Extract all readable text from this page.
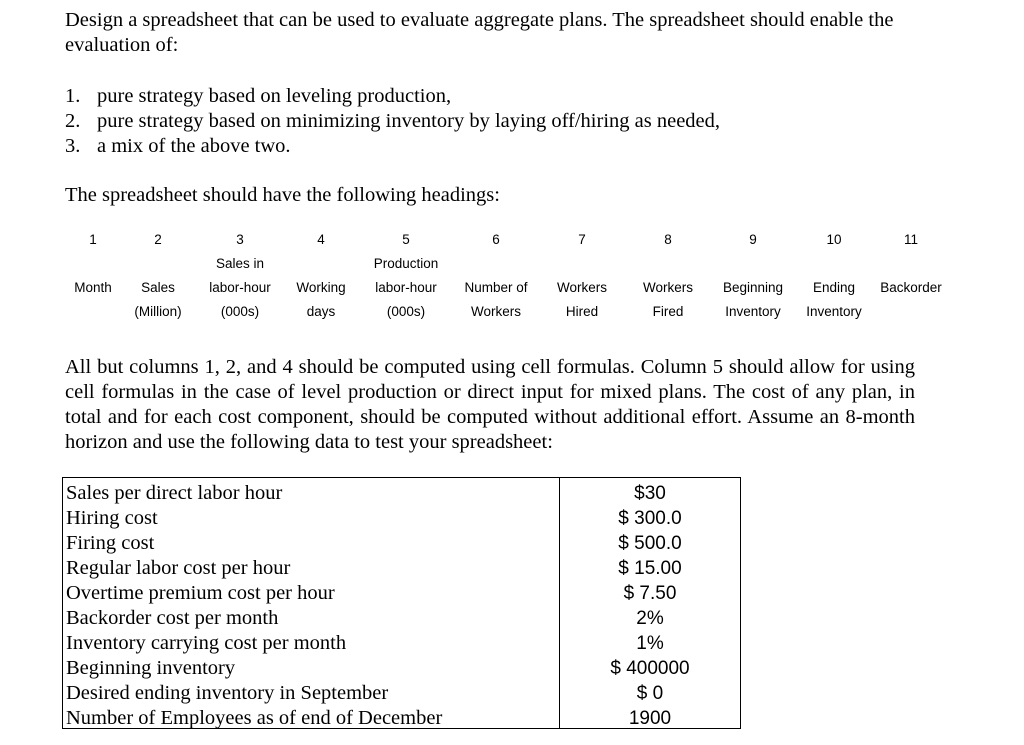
Design a spreadsheet that can be used to evaluate aggregate plans. The spreadsheet should enable the evaluation of:

1. pure strategy based on leveling production,
2. pure strategy based on minimizing inventory by laying off/hiring as needed,
3. a mix of the above two.

The spreadsheet should have the following headings:

1
Month
2
Sales
(Million)
3
Sales in
labor-hour
(000s)
4
Working
days
5
Production
labor-hour
(000s)
6
Number of
Workers
7
Workers
Hired
8
Workers
Fired
9
Beginning
Inventory
10
Ending
Inventory
11
Backorder

All but columns 1, 2, and 4 should be computed using cell formulas. Column 5 should allow for using cell formulas in the case of level production or direct input for mixed plans. The cost of any plan, in total and for each cost component, should be computed without additional effort. Assume an 8-month horizon and use the following data to test your spreadsheet:

Sales per direct labor hour
Hiring cost
Firing cost
Regular labor cost per hour
Overtime premium cost per hour
Backorder cost per month
Inventory carrying cost per month
Beginning inventory
Desired ending inventory in September
Number of Employees as of end of December
$30
$ 300.0
$ 500.0
$ 15.00
$ 7.50
2%
1%
$ 400000
$ 0
1900
